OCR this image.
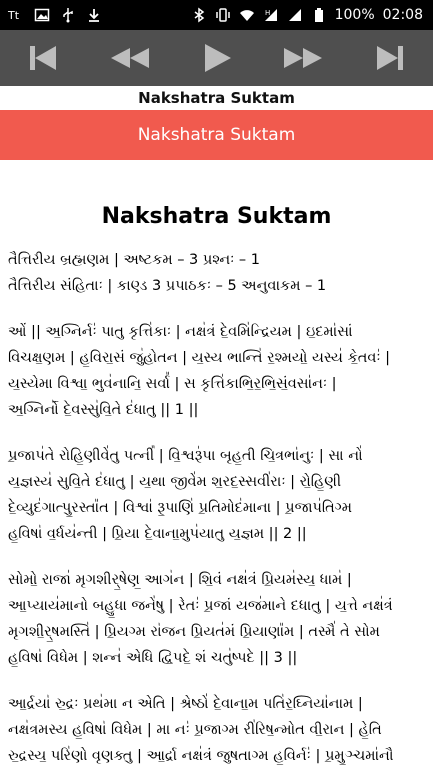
Tt	H	100% 02:08
Nakshatra Suktam
Nakshatra Suktam
Nakshatra Suktam

તૈત્તિરીય બ્રહ્મણમ | અષ્ટકમ – 3 પ્રશ્નઃ – 1
તૈત્તિરીય સંહિતાઃ | કાણ્ડ 3 પ્રપાઠકઃ – 5 અનુવાકમ – 1

ઓં || અ॒ગ્નિર્નઃ॑ પાતુ કૃત્તિ॑કાઃ | નક્ષ॑ત્રં દે॒વમિ॑ન્દ્રિયમ | ઇ॒દમા॑સાં
વિચક્ષ॒ણમ | હ॒વિરા॒સં જુ॑હોતન | ય॒સ્ય ભાન્તિ॑ ર॒શ્મયો॒ યસ્ય॑ કે॒તવઃ॑ |
ય॒સ્યેમા વિશ્વા॒ ભુવ॑નાનિ॒ સર્વા᳚ | સ કૃત્તિ॑કાભિ॒ર॒ભિ॒સં॒વસા॑નઃ |
અ॒ગ્નિર્નો॑ દે॒વસ્સુ॑વિ॒તે દ॑ધાતુ || 1 ||

પ્ર॒જાપ॑તે રોહિ॒ણીવે॑તુ પત્ની᳚ | વિ॒શ્વરૂ॑પા બૃહ॒તી ચિ॒ત્રભા॑નુઃ | સા નો॑
ય॒જ્ઞસ્ય॑ સુવિ॒તે દ॑ધાતુ | ય॒થા જીવે॑મ શ॒રદ॒સ્સવી॑રાઃ | રો॒હિ॒ણી
દે॒વ્યુદ॑ગાત્પુ॒રસ્તા᳚ત | વિશ્વા॑ રૂ॒પાણિ॑ પ્ર॒તિમોદ॑માના | પ્ર॒જાપ॑તિગ્મ
હ॒વિષા॑ વ॒ર્ધય॑ન્તી | પ્રિ॒યા દે॒વાના॒મુપ॑યાતુ ય॒જ્ઞમ || 2 ||

સોમો॒ રાજા॑ મૃગશીર્॒ષેણ॒ આગ॑ન | શિ॒વં નક્ષ॑ત્રં પ્રિ॒યમ॑સ્ય॒ ધામ॑ |
આ॒પ્યાય॑માનો બહુ॒ધા જને॑ષુ | રેતઃ॑ પ્ર॒જાં યજ॑માને દધાતુ | ય॒ત્તે નક્ષ॑ત્રં
મૃગશી॒ર્॒ષમસ્તિ॑ | પ્રિ॒યગ્મ રા॑જન પ્રિ॒યત॑મં પ્રિ॒યાણા᳚મ | તસ્મૈ॑ તે સોમ
હ॒વિષા॑ વિધેમ | શન્ન॑ એધિ દ્વિ॒પદે॒ શં ચતુ॑ષ્પદે || 3 ||

આ॒ર્દ્રયા॑ રુ॒દ્રઃ પ્રથ॑મા ન એતિ | શ્રેષ્ઠો॑ દે॒વાના॒મ પતિ॑ર॒ઘ્નિયા॑નામ |
નક્ષ॑ત્રમસ્ય હ॒વિષા॑ વિધેમ | મા નઃ॑ પ્ર॒જાગ્મ રી॑રિષ॒ન્મોત વી॒રાન | હે॒તિ
રુ॒દ્રસ્ય॒ પરિ॑ણો વૃણક્તુ | આ॒ર્દ્રા નક્ષ॑ત્રં જુષતાગ્મ હ॒વિર્નઃ॑ | પ્ર॒મુ॒ઞ્ચમા॑નૌ
